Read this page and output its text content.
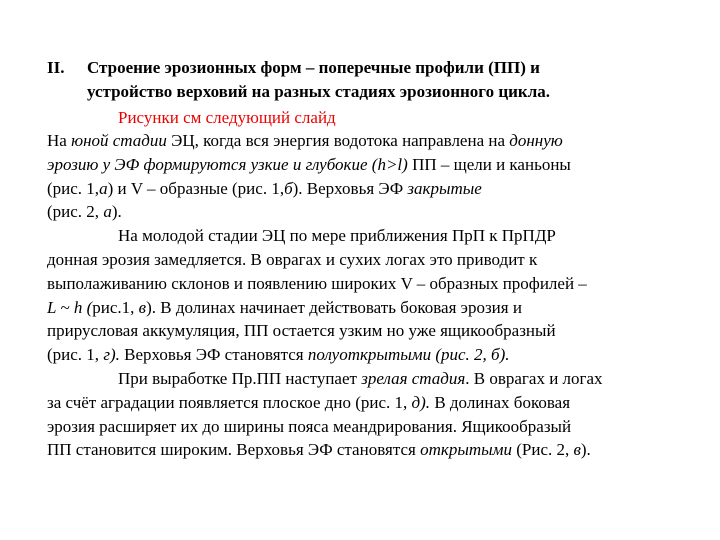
II. Строение эрозионных форм – поперечные профили (ПП) и
устройство верховий на разных стадиях эрозионного цикла.
Рисунки см следующий слайд
На юной стадии ЭЦ, когда вся энергия водотока направлена на донную
эрозию у ЭФ формируются узкие и глубокие (h>l) ПП – щели и каньоны
(рис. 1,а) и V – образные (рис. 1,б). Верховья ЭФ закрытые
(рис. 2, а).
На молодой стадии ЭЦ по мере приближения ПрП к ПрПДР
донная эрозия замедляется. В оврагах и сухих логах это приводит к
выполаживанию склонов и появлению широких V – образных профилей –
L ~ h (рис.1, в). В долинах начинает действовать боковая эрозия и
прирусловая аккумуляция, ПП остается узким но уже ящикообразный
(рис. 1, г). Верховья ЭФ становятся полуоткрытыми (рис. 2, б).
При выработке Пр.ПП наступает зрелая стадия. В оврагах и логах
за счёт аградации появляется плоское дно (рис. 1, д). В долинах боковая
эрозия расширяет их до ширины пояса меандрирования. Ящикообразый
ПП становится широким. Верховья ЭФ становятся открытыми (Рис. 2, в).
